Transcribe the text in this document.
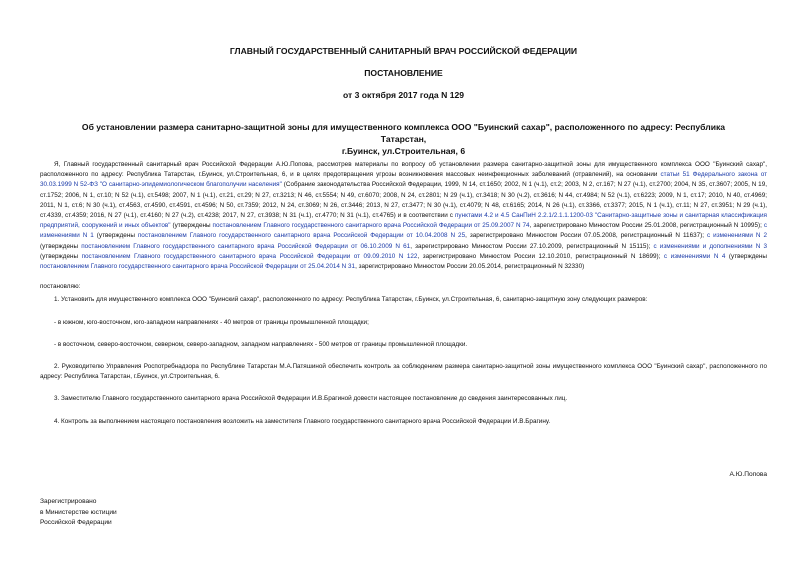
ГЛАВНЫЙ ГОСУДАРСТВЕННЫЙ САНИТАРНЫЙ ВРАЧ РОССИЙСКОЙ ФЕДЕРАЦИИ
ПОСТАНОВЛЕНИЕ
от 3 октября 2017 года N 129
Об установлении размера санитарно-защитной зоны для имущественного комплекса ООО "Буинский сахар", расположенного по адресу: Республика Татарстан,
г.Буинск, ул.Строительная, 6

Я, Главный государственный санитарный врач Российской Федерации А.Ю.Попова, рассмотрев материалы по вопросу об установлении размера санитарно-защитной зоны для имущественного комплекса ООО "Буинский сахар", расположенного по адресу: Республика Татарстан, г.Буинск, ул.Строительная, 6, и в целях предотвращения угрозы возникновения массовых неинфекционных заболеваний (отравлений), на основании статьи 51 Федерального закона от 30.03.1999 N 52-ФЗ "О санитарно-эпидемиологическом благополучии населения" (Собрание законодательства Российской Федерации, 1999, N 14, ст.1650; 2002, N 1 (ч.1), ст.2; 2003, N 2, ст.167; N 27 (ч.1), ст.2700; 2004, N 35, ст.3607; 2005, N 19, ст.1752; 2006, N 1, ст.10; N 52 (ч.1), ст.5498; 2007, N 1 (ч.1), ст.21, ст.29; N 27, ст.3213; N 46, ст.5554; N 49, ст.6070; 2008, N 24, ст.2801; N 29 (ч.1), ст.3418; N 30 (ч.2), ст.3616; N 44, ст.4984; N 52 (ч.1), ст.6223; 2009, N 1, ст.17; 2010, N 40, ст.4969; 2011, N 1, ст.6; N 30 (ч.1), ст.4563, ст.4590, ст.4591, ст.4596; N 50, ст.7359; 2012, N 24, ст.3069; N 26, ст.3446; 2013, N 27, ст.3477; N 30 (ч.1), ст.4079; N 48, ст.6165; 2014, N 26 (ч.1), ст.3366, ст.3377; 2015, N 1 (ч.1), ст.11; N 27, ст.3951; N 29 (ч.1), ст.4339, ст.4359; 2016, N 27 (ч.1), ст.4160; N 27 (ч.2), ст.4238; 2017, N 27, ст.3938; N 31 (ч.1), ст.4770; N 31 (ч.1), ст.4765) и в соответствии с пунктами 4.2 и 4.5 СанПиН 2.2.1/2.1.1.1200-03 "Санитарно-защитные зоны и санитарная классификация предприятий, сооружений и иных объектов" (утверждены постановлением Главного государственного санитарного врача Российской Федерации от 25.09.2007 N 74, зарегистрировано Минюстом России 25.01.2008, регистрационный N 10995); с изменениями N 1 (утверждены постановлением Главного государственного санитарного врача Российской Федерации от 10.04.2008 N 25, зарегистрировано Минюстом России 07.05.2008, регистрационный N 11637); с изменениями N 2 (утверждены постановлением Главного государственного санитарного врача Российской Федерации от 06.10.2009 N 61, зарегистрировано Минюстом России 27.10.2009, регистрационный N 15115); с изменениями и дополнениями N 3 (утверждены постановлением Главного государственного санитарного врача Российской Федерации от 09.09.2010 N 122, зарегистрировано Минюстом России 12.10.2010, регистрационный N 18699); с изменениями N 4 (утверждены постановлением Главного государственного санитарного врача Российской Федерации от 25.04.2014 N 31, зарегистрировано Минюстом России 20.05.2014, регистрационный N 32330)

постановляю:

1. Установить для имущественного комплекса ООО "Буинский сахар", расположенного по адресу: Республика Татарстан, г.Буинск, ул.Строительная, 6, санитарно-защитную зону следующих размеров:

- в южном, юго-восточном, юго-западном направлениях - 40 метров от границы промышленной площадки;

- в восточном, северо-восточном, северном, северо-западном, западном направлениях - 500 метров от границы промышленной площадки.

2. Руководителю Управления Роспотребнадзора по Республике Татарстан М.А.Патяшиной обеспечить контроль за соблюдением размера санитарно-защитной зоны имущественного комплекса ООО "Буинский сахар", расположенного по адресу: Республика Татарстан, г.Буинск, ул.Строительная, 6.

3. Заместителю Главного государственного санитарного врача Российской Федерации И.В.Брагиной довести настоящее постановление до сведения заинтересованных лиц.

4. Контроль за выполнением настоящего постановления возложить на заместителя Главного государственного санитарного врача Российской Федерации И.В.Брагину.

А.Ю.Попова
Зарегистрировано
в Министерстве юстиции
Российской Федерации
